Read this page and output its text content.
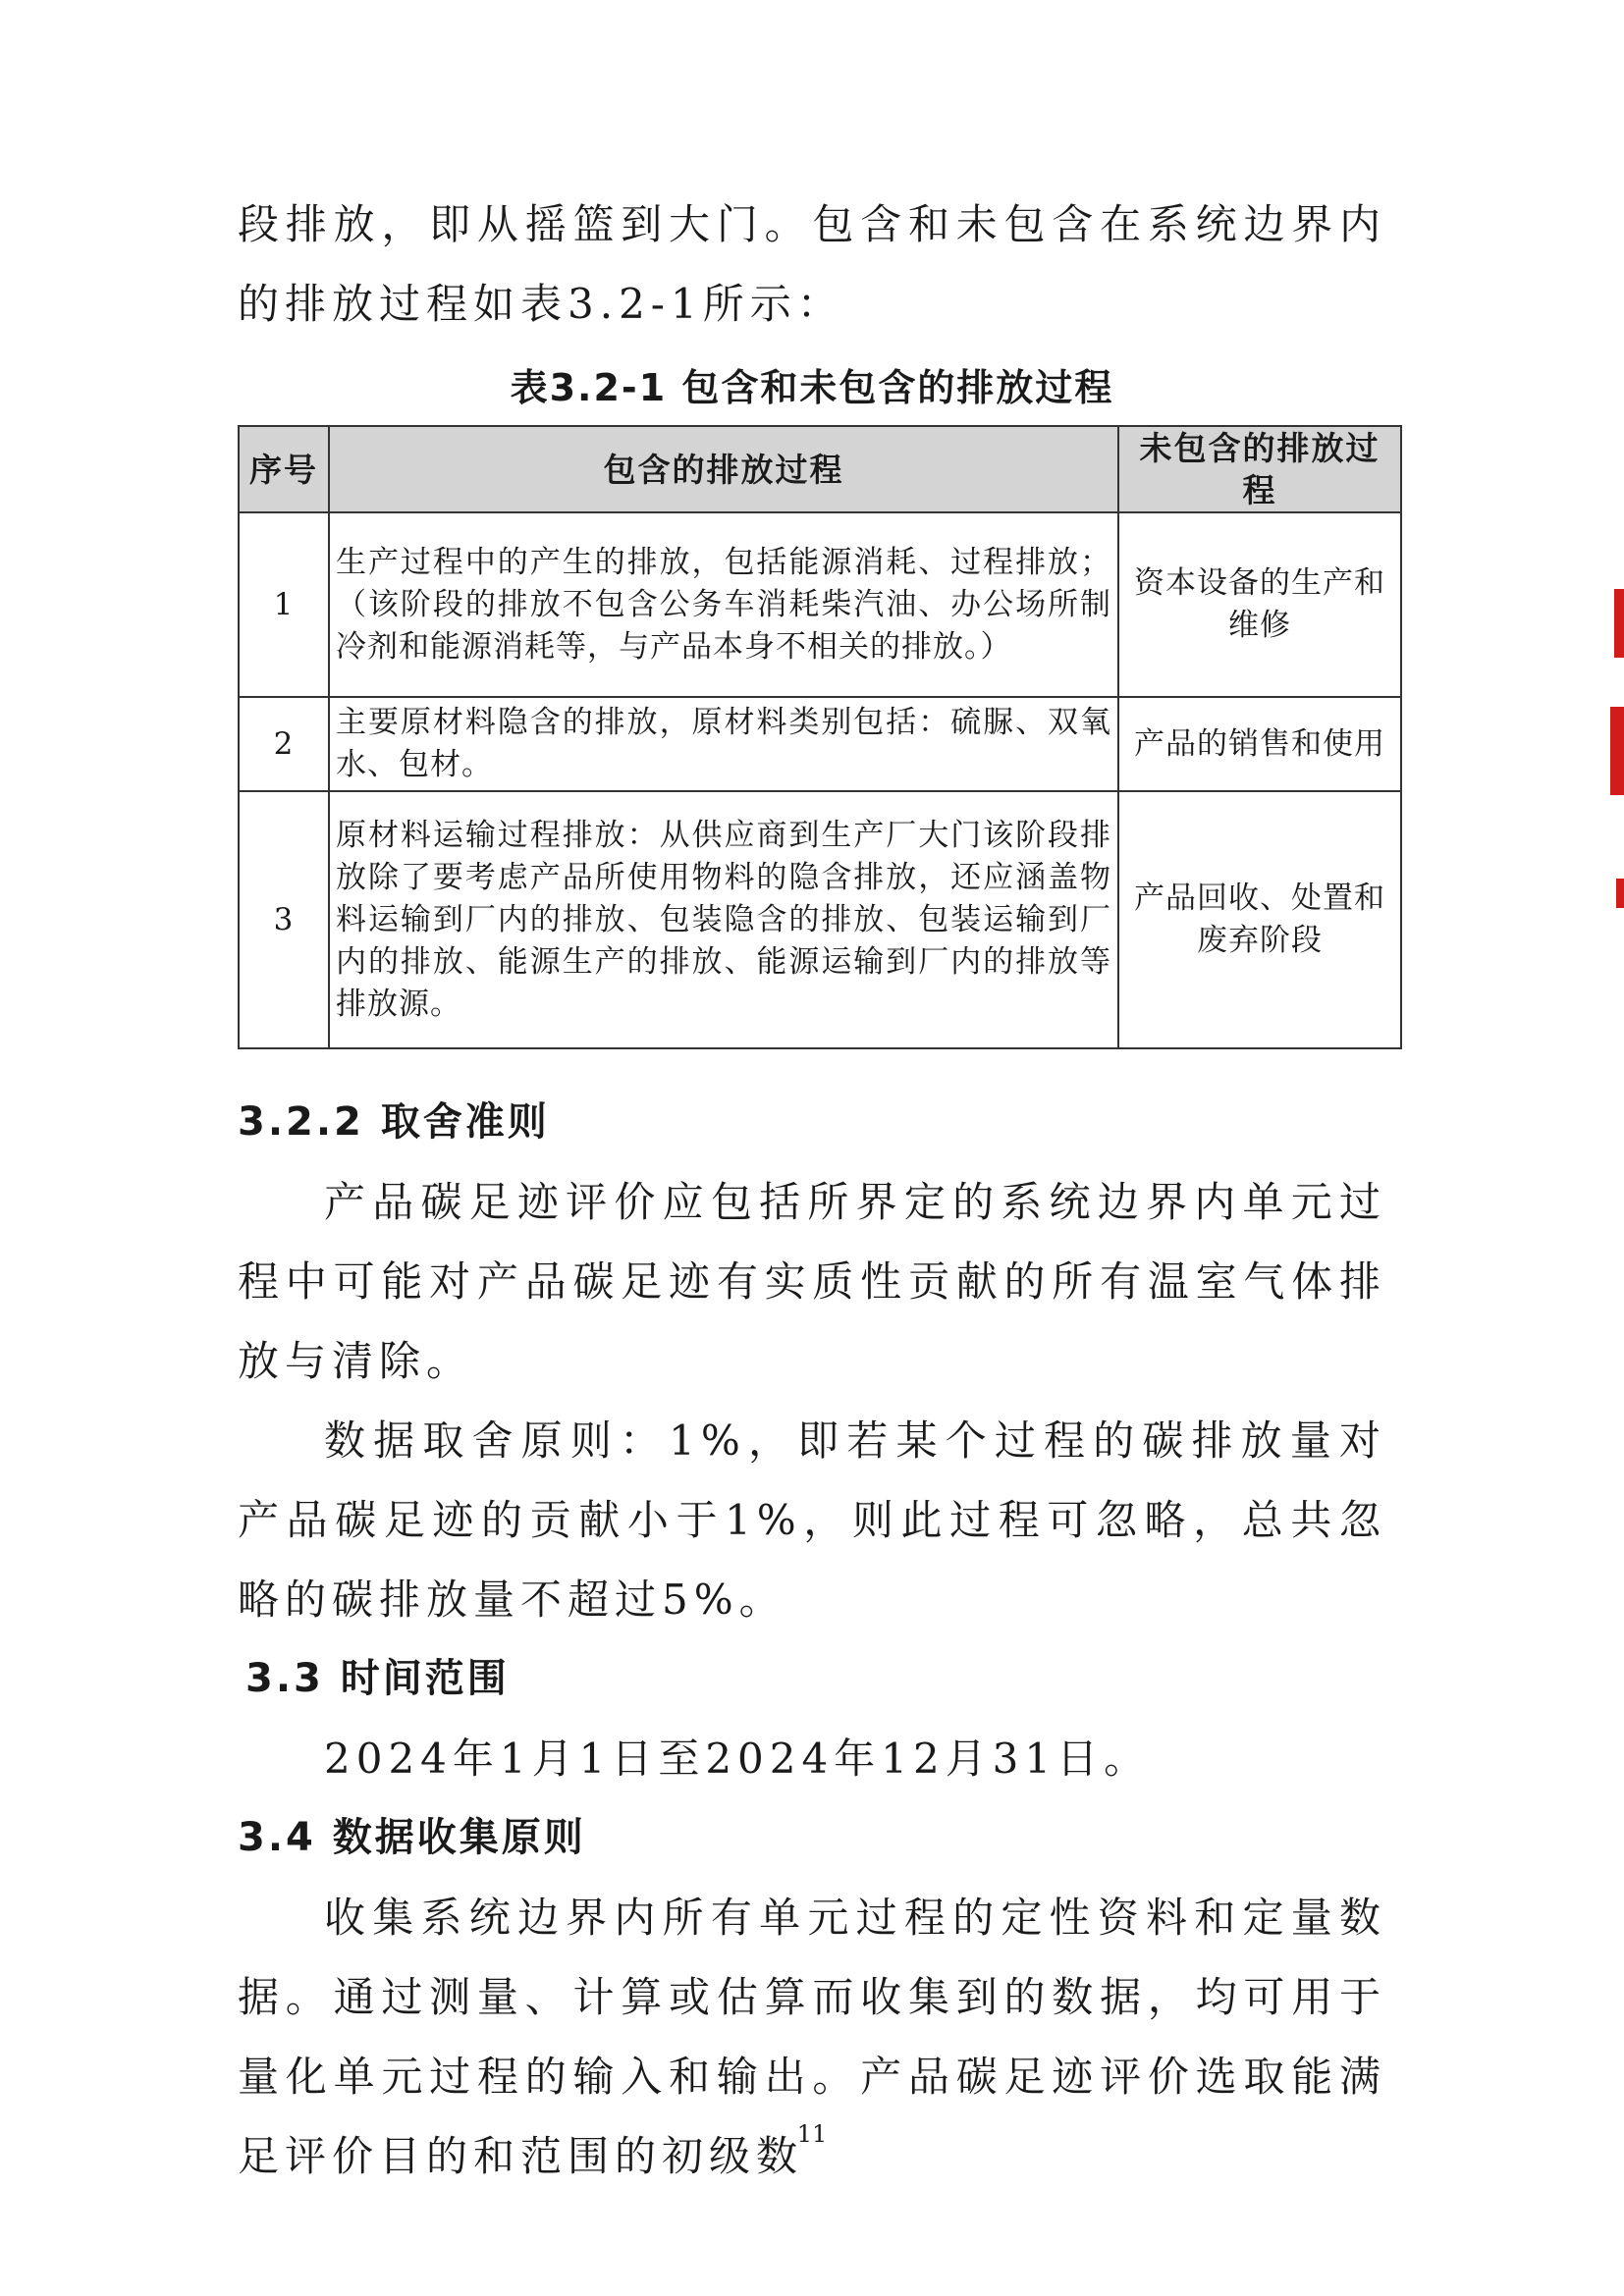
段排放，即从摇篮到大门。包含和未包含在系统边界内的排放过程如表3.2-1所示：

表3.2-1 包含和未包含的排放过程
序号	包含的排放过程	未包含的排放过程
1	生产过程中的产生的排放，包括能源消耗、过程排放；（该阶段的排放不包含公务车消耗柴汽油、办公场所制冷剂和能源消耗等，与产品本身不相关的排放。）	资本设备的生产和维修
2	主要原材料隐含的排放，原材料类别包括：硫脲、双氧水、包材。	产品的销售和使用
3	原材料运输过程排放：从供应商到生产厂大门该阶段排放除了要考虑产品所使用物料的隐含排放，还应涵盖物料运输到厂内的排放、包装隐含的排放、包装运输到厂内的排放、能源生产的排放、能源运输到厂内的排放等排放源。	产品回收、处置和废弃阶段
3.2.2 取舍准则

产品碳足迹评价应包括所界定的系统边界内单元过程中可能对产品碳足迹有实质性贡献的所有温室气体排放与清除。

数据取舍原则：1%，即若某个过程的碳排放量对产品碳足迹的贡献小于1%，则此过程可忽略，总共忽略的碳排放量不超过5%。

3.3 时间范围

2024年1月1日至2024年12月31日。

3.4 数据收集原则

收集系统边界内所有单元过程的定性资料和定量数据。通过测量、计算或估算而收集到的数据，均可用于量化单元过程的输入和输出。产品碳足迹评价选取能满足评价目的和范围的初级数

11
